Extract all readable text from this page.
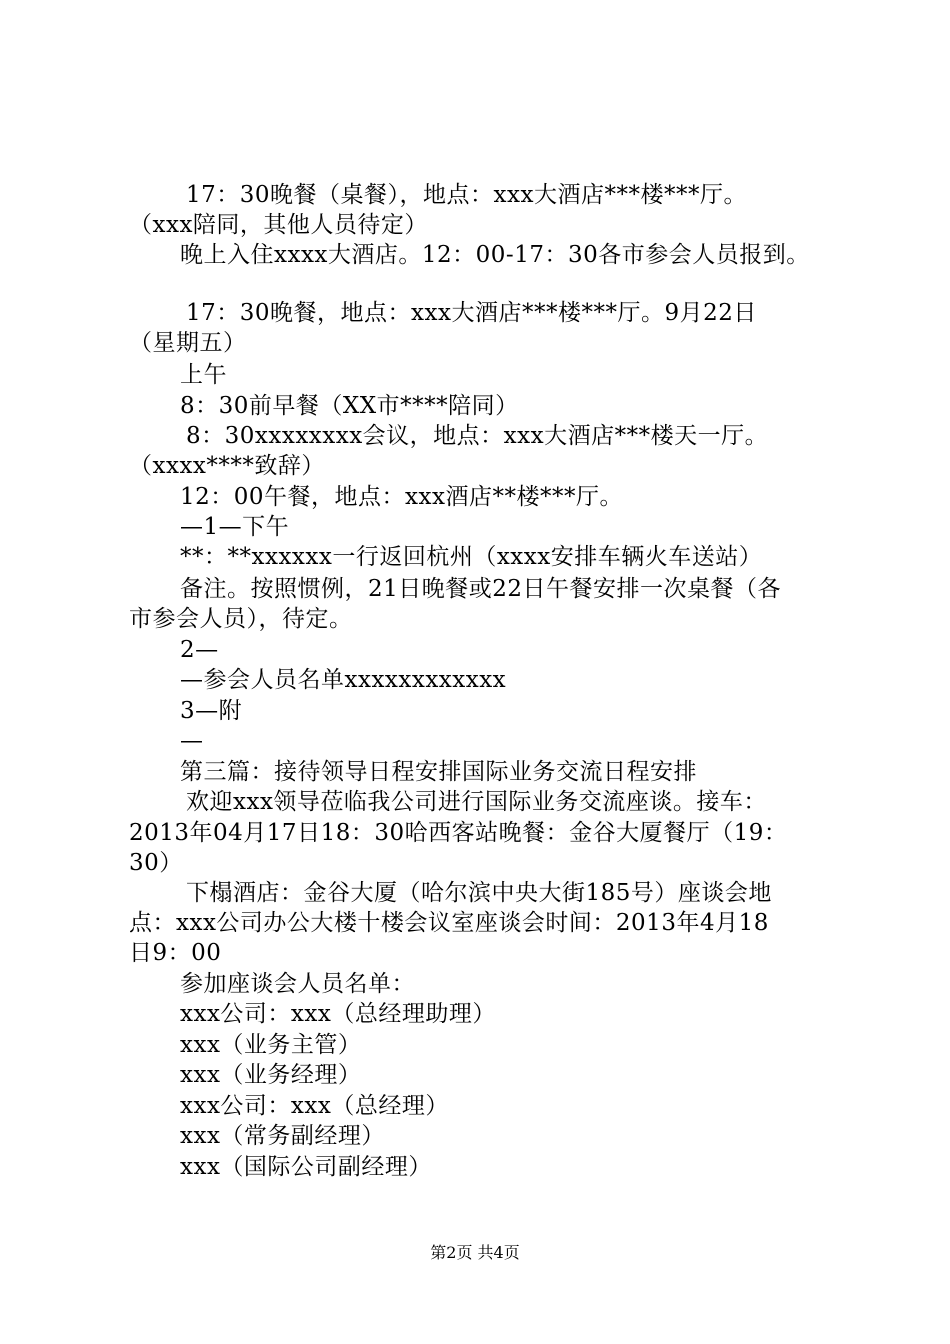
17：30晚餐（桌餐），地点：xxx大酒店***楼***厅。
（xxx陪同，其他人员待定）
晚上入住xxxx大酒店。12：00-17：30各市参会人员报到。
17：30晚餐，地点：xxx大酒店***楼***厅。9月22日
（星期五）
上午
8：30前早餐（XX市****陪同）
8：30xxxxxxxx会议，地点：xxx大酒店***楼天一厅。
（xxxx****致辞）
12：00午餐，地点：xxx酒店**楼***厅。
—1—下午
**：**xxxxxx一行返回杭州（xxxx安排车辆火车送站）
备注。按照惯例，21日晚餐或22日午餐安排一次桌餐（各
市参会人员），待定。
2—
—参会人员名单xxxxxxxxxxxx
3—附
—
第三篇：接待领导日程安排国际业务交流日程安排
欢迎xxx领导莅临我公司进行国际业务交流座谈。接车：
2013年04月17日18：30哈西客站晚餐：金谷大厦餐厅（19：
30）
下榻酒店：金谷大厦（哈尔滨中央大街185号）座谈会地
点：xxx公司办公大楼十楼会议室座谈会时间：2013年4月18
日9：00
参加座谈会人员名单：
xxx公司：xxx（总经理助理）
xxx（业务主管）
xxx（业务经理）
xxx公司：xxx（总经理）
xxx（常务副经理）
xxx（国际公司副经理）
第2页 共4页
